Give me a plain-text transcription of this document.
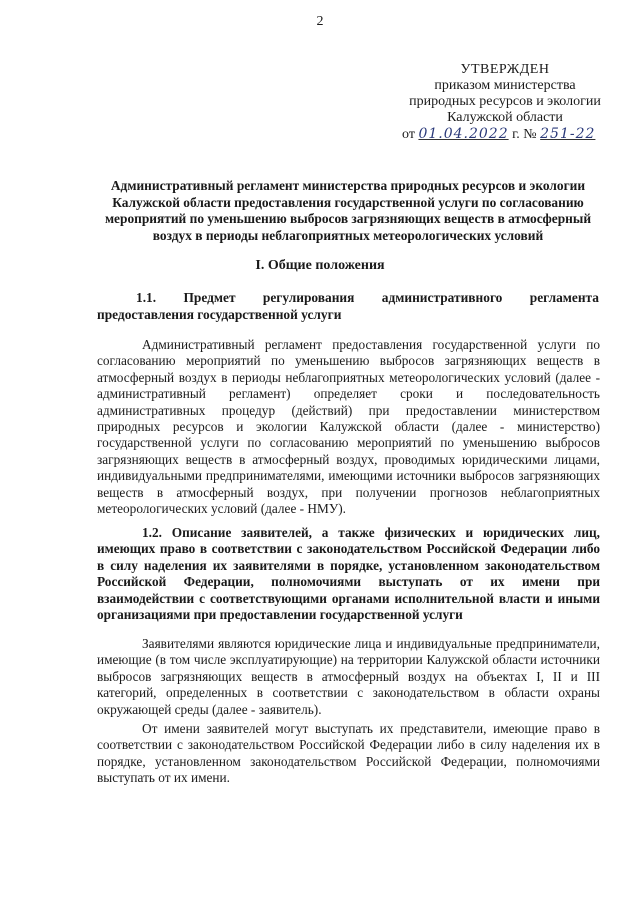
2
УТВЕРЖДЕН
приказом министерства
природных ресурсов и экологии
Калужской области
от 01.04.2022 г. № 251-22
Административный регламент министерства природных ресурсов и экологии Калужской области предоставления государственной услуги по согласованию мероприятий по уменьшению выбросов загрязняющих веществ в атмосферный воздух в периоды неблагоприятных метеорологических условий
I. Общие положения
1.1. Предмет регулирования административного регламента предоставления государственной услуги
Административный регламент предоставления государственной услуги по согласованию мероприятий по уменьшению выбросов загрязняющих веществ в атмосферный воздух в периоды неблагоприятных метеорологических условий (далее - административный регламент) определяет сроки и последовательность административных процедур (действий) при предоставлении министерством природных ресурсов и экологии Калужской области (далее - министерство) государственной услуги по согласованию мероприятий по уменьшению выбросов загрязняющих веществ в атмосферный воздух, проводимых юридическими лицами, индивидуальными предпринимателями, имеющими источники выбросов загрязняющих веществ в атмосферный воздух, при получении прогнозов неблагоприятных метеорологических условий (далее - НМУ).
1.2. Описание заявителей, а также физических и юридических лиц, имеющих право в соответствии с законодательством Российской Федерации либо в силу наделения их заявителями в порядке, установленном законодательством Российской Федерации, полномочиями выступать от их имени при взаимодействии с соответствующими органами исполнительной власти и иными организациями при предоставлении государственной услуги
Заявителями являются юридические лица и индивидуальные предприниматели, имеющие (в том числе эксплуатирующие) на территории Калужской области источники выбросов загрязняющих веществ в атмосферный воздух на объектах I, II и III категорий, определенных в соответствии с законодательством в области охраны окружающей среды (далее - заявитель).
От имени заявителей могут выступать их представители, имеющие право в соответствии с законодательством Российской Федерации либо в силу наделения их в порядке, установленном законодательством Российской Федерации, полномочиями выступать от их имени.
